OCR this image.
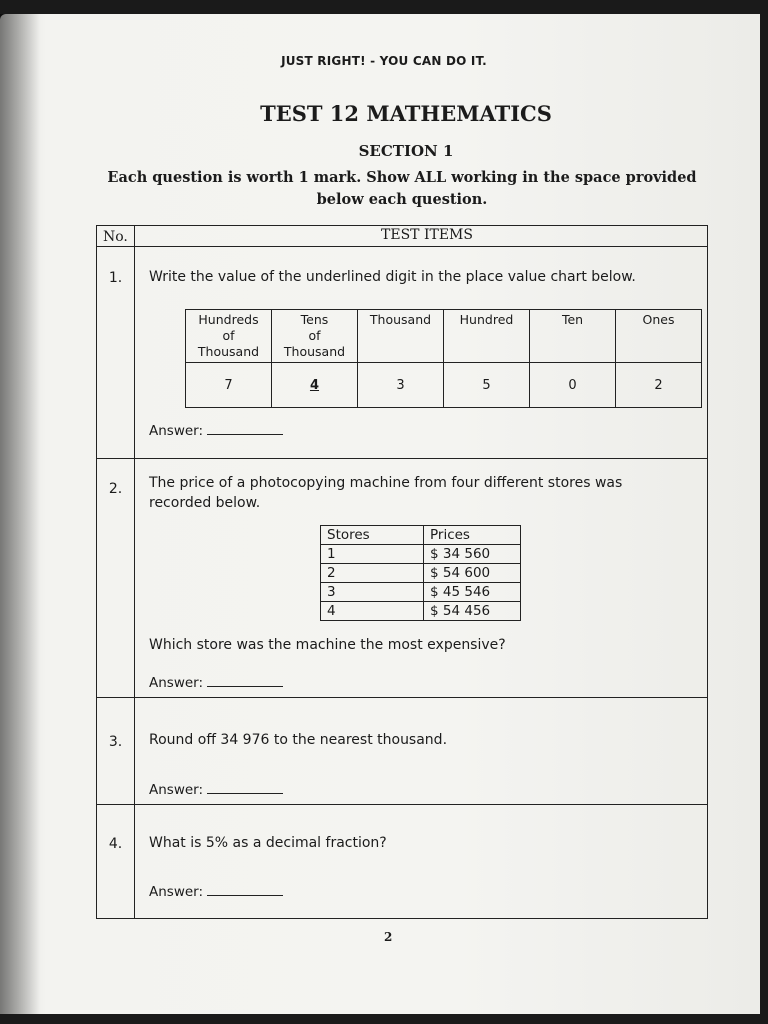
JUST RIGHT! - YOU CAN DO IT.
TEST 12 MATHEMATICS
SECTION 1
Each question is worth 1 mark. Show ALL working in the space provided
below each question.
No.	TEST ITEMS
1.	Write the value of the underlined digit in the place value chart below.
Hundreds
of
Thousand	Tens
of
Thousand	Thousand	Hundred	Ten	Ones
7	4	3	5	0	2
Answer:
2.	The price of a photocopying machine from four different stores was
recorded below.
Stores	Prices
1	$ 34 560
2	$ 54 600
3	$ 45 546
4	$ 54 456
Which store was the machine the most expensive?
Answer:
3.	Round off 34 976 to the nearest thousand.
Answer:
4.	What is 5% as a decimal fraction?
Answer:
2
